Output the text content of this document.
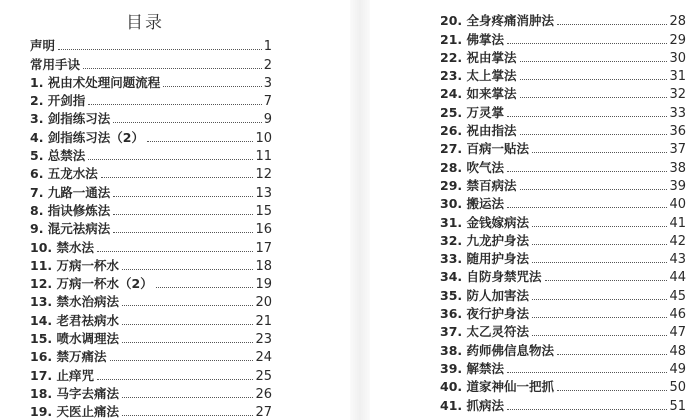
目录
声明	1
常用手诀	2
1. 祝由术处理问题流程	3
2. 开剑指	7
3. 剑指练习法	9
4. 剑指练习法（2）	10
5. 总禁法	11
6. 五龙水法	12
7. 九路一通法	13
8. 指诀修炼法	15
9. 混元祛病法	16
10. 禁水法	17
11. 万病一杯水	18
12. 万病一杯水（2）	19
13. 禁水治病法	20
14. 老君祛病水	21
15. 喷水调理法	23
16. 禁万痛法	24
17. 止痒咒	25
18. 马字去痛法	26
19. 天医止痛法	27
20. 全身疼痛消肿法	28
21. 佛掌法	29
22. 祝由掌法	30
23. 太上掌法	31
24. 如来掌法	32
25. 万灵掌	33
26. 祝由指法	36
27. 百病一贴法	37
28. 吹气法	38
29. 禁百病法	39
30. 搬运法	40
31. 金钱嫁病法	41
32. 九龙护身法	42
33. 随用护身法	43
34. 自防身禁咒法	44
35. 防人加害法	45
36. 夜行护身法	46
37. 太乙灵符法	47
38. 药师佛信息物法	48
39. 解禁法	49
40. 道家神仙一把抓	50
41. 抓病法	51
